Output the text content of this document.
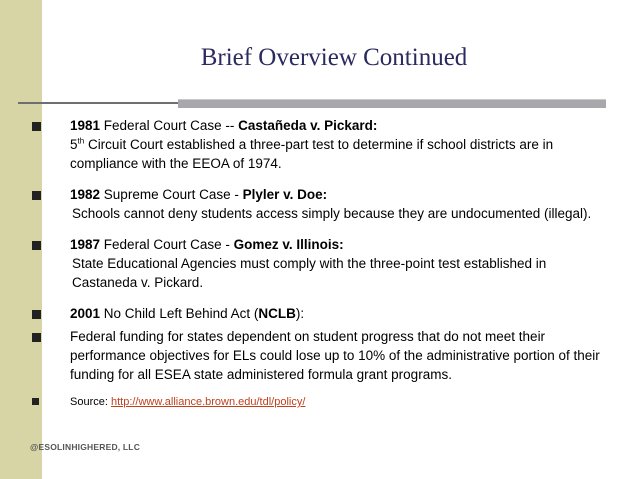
Brief Overview Continued
1981 Federal Court Case -- Castañeda v. Pickard:
5th Circuit Court established a three-part test to determine if school districts are in
compliance with the EEOA of 1974.
1982 Supreme Court Case - Plyler v. Doe:
Schools cannot deny students access simply because they are undocumented (illegal).
1987 Federal Court Case - Gomez v. Illinois:
State Educational Agencies must comply with the three-point test established in
Castaneda v. Pickard.
2001 No Child Left Behind Act (NCLB):
Federal funding for states dependent on student progress that do not meet their
performance objectives for ELs could lose up to 10% of the administrative portion of their
funding for all ESEA state administered formula grant programs.
Source: http://www.alliance.brown.edu/tdl/policy/
@ESOLINHIGHERED, LLC
